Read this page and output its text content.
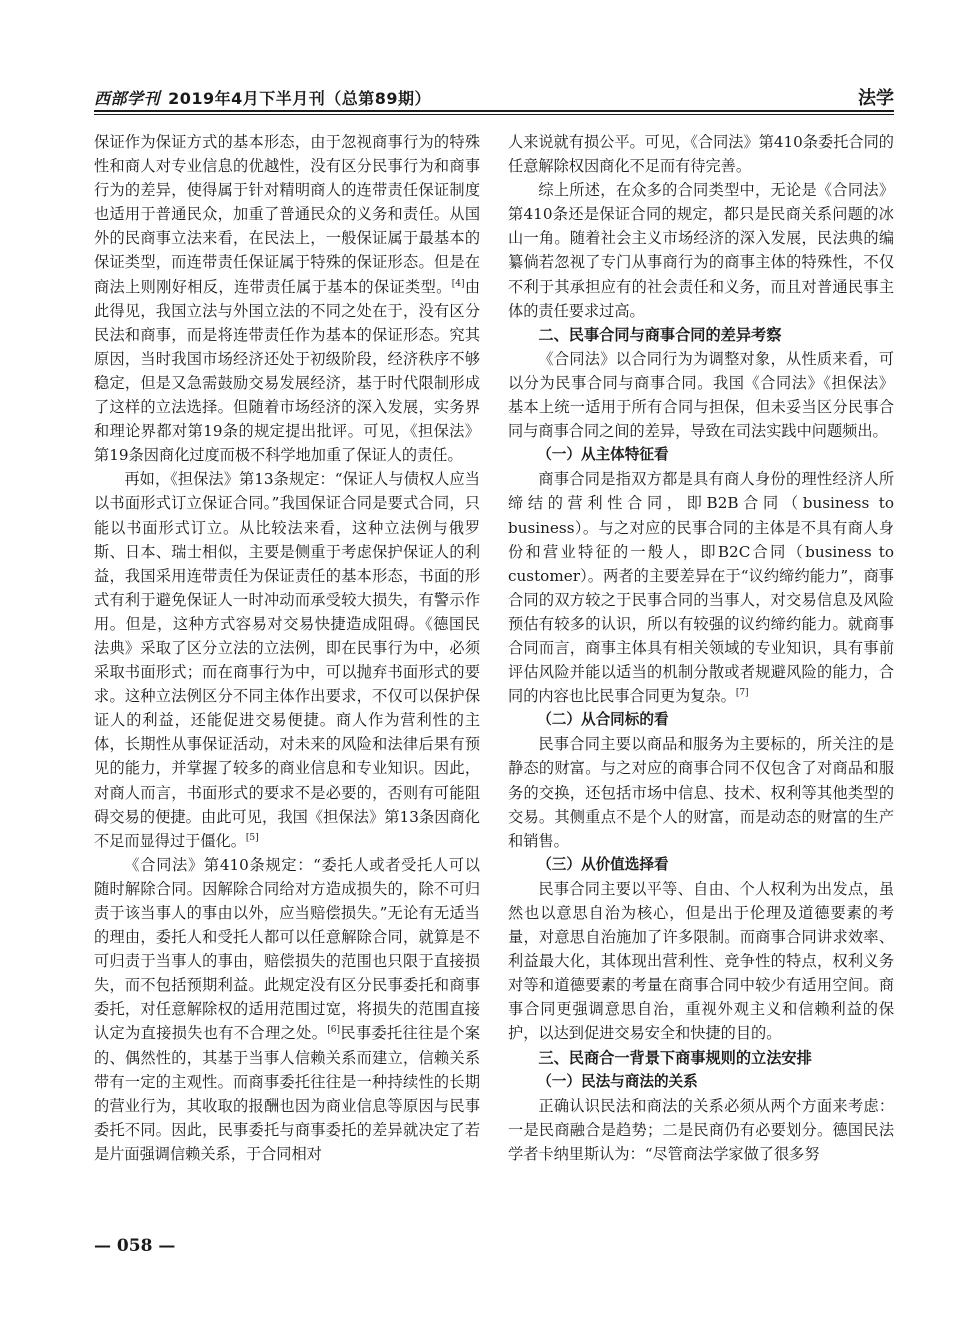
西部学刊 2019年4月下半月刊（总第89期）	法学

保证作为保证方式的基本形态，由于忽视商事行为的特殊性和商人对专业信息的优越性，没有区分民事行为和商事行为的差异，使得属于针对精明商人的连带责任保证制度也适用于普通民众，加重了普通民众的义务和责任。从国外的民商事立法来看，在民法上，一般保证属于最基本的保证类型，而连带责任保证属于特殊的保证形态。但是在商法上则刚好相反，连带责任属于基本的保证类型。[4]由此得见，我国立法与外国立法的不同之处在于，没有区分民法和商事，而是将连带责任作为基本的保证形态。究其原因，当时我国市场经济还处于初级阶段，经济秩序不够稳定，但是又急需鼓励交易发展经济，基于时代限制形成了这样的立法选择。但随着市场经济的深入发展，实务界和理论界都对第19条的规定提出批评。可见，《担保法》第19条因商化过度而极不科学地加重了保证人的责任。

再如，《担保法》第13条规定：“保证人与债权人应当以书面形式订立保证合同。”我国保证合同是要式合同，只能以书面形式订立。从比较法来看，这种立法例与俄罗斯、日本、瑞士相似，主要是侧重于考虑保护保证人的利益，我国采用连带责任为保证责任的基本形态，书面的形式有利于避免保证人一时冲动而承受较大损失，有警示作用。但是，这种方式容易对交易快捷造成阻碍。《德国民法典》采取了区分立法的立法例，即在民事行为中，必须采取书面形式；而在商事行为中，可以抛弃书面形式的要求。这种立法例区分不同主体作出要求，不仅可以保护保证人的利益，还能促进交易便捷。商人作为营利性的主体，长期性从事保证活动，对未来的风险和法律后果有预见的能力，并掌握了较多的商业信息和专业知识。因此，对商人而言，书面形式的要求不是必要的，否则有可能阻碍交易的便捷。由此可见，我国《担保法》第13条因商化不足而显得过于僵化。[5]

《合同法》第410条规定：“委托人或者受托人可以随时解除合同。因解除合同给对方造成损失的，除不可归责于该当事人的事由以外，应当赔偿损失。”无论有无适当的理由，委托人和受托人都可以任意解除合同，就算是不可归责于当事人的事由，赔偿损失的范围也只限于直接损失，而不包括预期利益。此规定没有区分民事委托和商事委托，对任意解除权的适用范围过宽，将损失的范围直接认定为直接损失也有不合理之处。[6]民事委托往往是个案的、偶然性的，其基于当事人信赖关系而建立，信赖关系带有一定的主观性。而商事委托往往是一种持续性的长期的营业行为，其收取的报酬也因为商业信息等原因与民事委托不同。因此，民事委托与商事委托的差异就决定了若是片面强调信赖关系，于合同相对

人来说就有损公平。可见，《合同法》第410条委托合同的任意解除权因商化不足而有待完善。

综上所述，在众多的合同类型中，无论是《合同法》第410条还是保证合同的规定，都只是民商关系问题的冰山一角。随着社会主义市场经济的深入发展，民法典的编纂倘若忽视了专门从事商行为的商事主体的特殊性，不仅不利于其承担应有的社会责任和义务，而且对普通民事主体的责任要求过高。

二、民事合同与商事合同的差异考察

《合同法》以合同行为为调整对象，从性质来看，可以分为民事合同与商事合同。我国《合同法》《担保法》基本上统一适用于所有合同与担保，但未妥当区分民事合同与商事合同之间的差异，导致在司法实践中问题频出。

（一）从主体特征看

商事合同是指双方都是具有商人身份的理性经济人所缔结的营利性合同，即B2B合同（business to business）。与之对应的民事合同的主体是不具有商人身份和营业特征的一般人，即B2C合同（business to customer）。两者的主要差异在于“议约缔约能力”，商事合同的双方较之于民事合同的当事人，对交易信息及风险预估有较多的认识，所以有较强的议约缔约能力。就商事合同而言，商事主体具有相关领域的专业知识，具有事前评估风险并能以适当的机制分散或者规避风险的能力，合同的内容也比民事合同更为复杂。[7]

（二）从合同标的看

民事合同主要以商品和服务为主要标的，所关注的是静态的财富。与之对应的商事合同不仅包含了对商品和服务的交换，还包括市场中信息、技术、权利等其他类型的交易。其侧重点不是个人的财富，而是动态的财富的生产和销售。

（三）从价值选择看

民事合同主要以平等、自由、个人权利为出发点，虽然也以意思自治为核心，但是出于伦理及道德要素的考量，对意思自治施加了许多限制。而商事合同讲求效率、利益最大化，其体现出营利性、竞争性的特点，权利义务对等和道德要素的考量在商事合同中较少有适用空间。商事合同更强调意思自治，重视外观主义和信赖利益的保护，以达到促进交易安全和快捷的目的。

三、民商合一背景下商事规则的立法安排
（一）民法与商法的关系

正确认识民法和商法的关系必须从两个方面来考虑：一是民商融合是趋势；二是民商仍有必要划分。德国民法学者卡纳里斯认为：“尽管商法学家做了很多努

— 058 —
